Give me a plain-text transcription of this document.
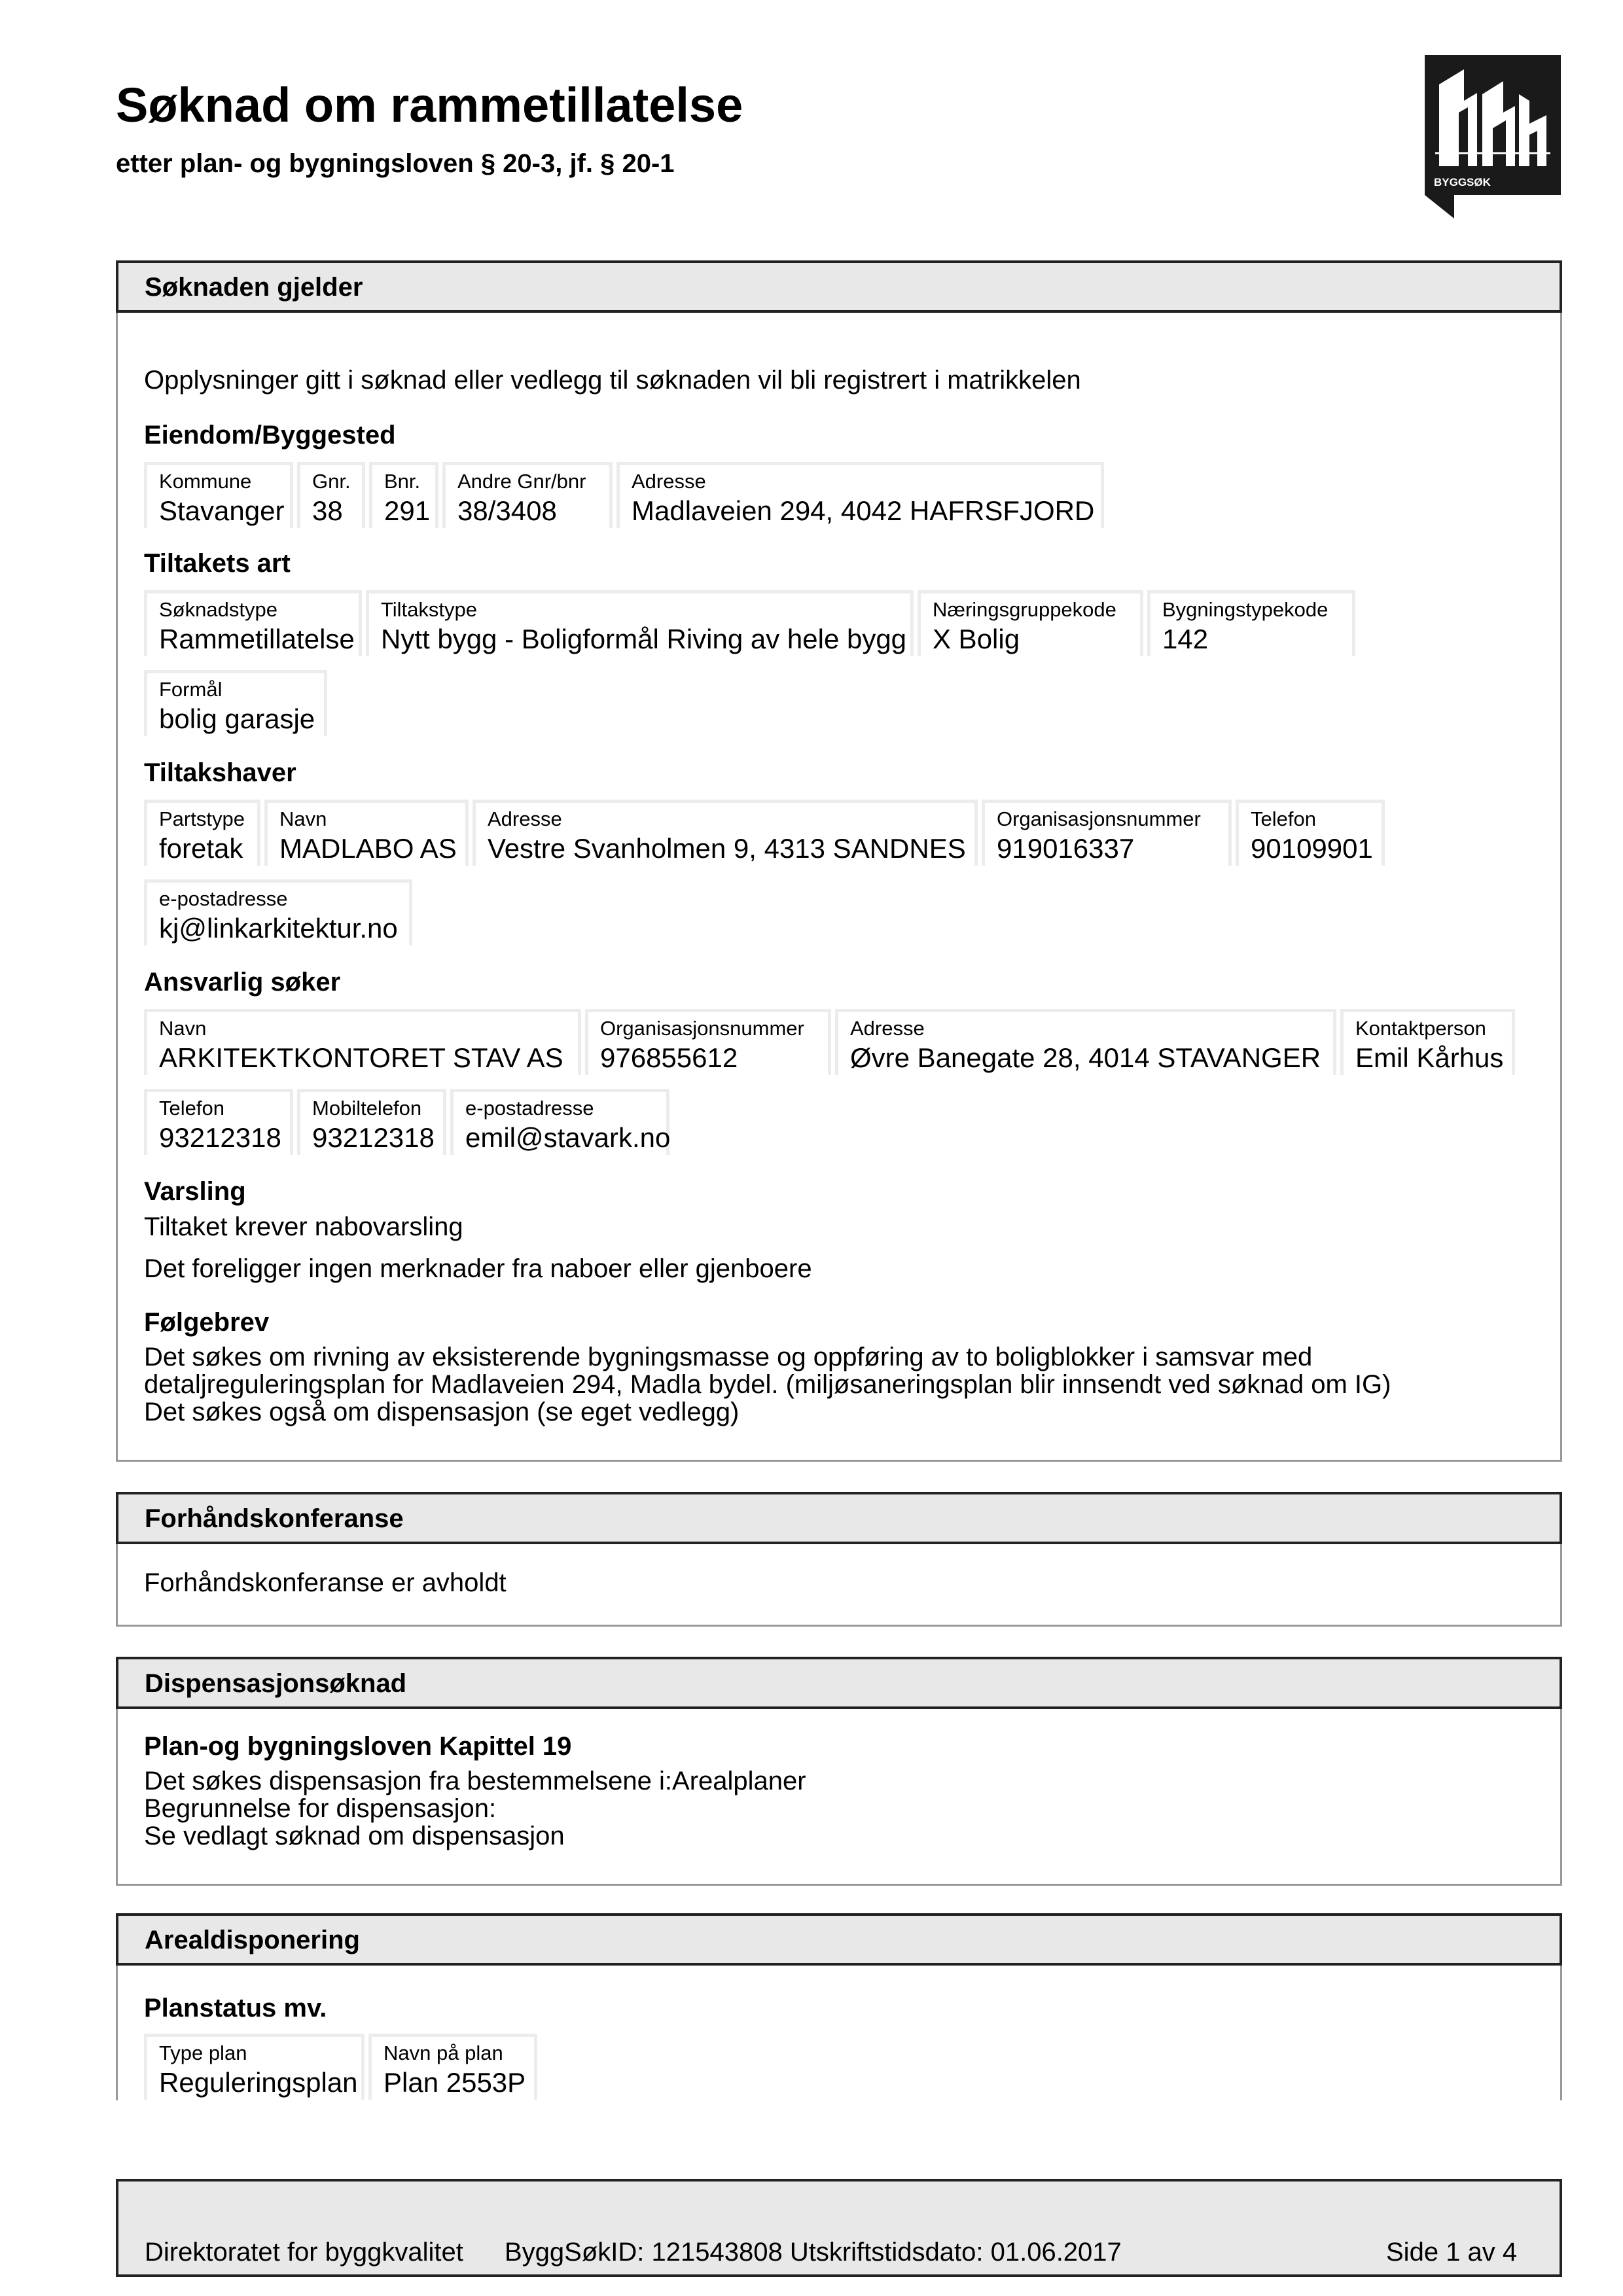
Søknad om rammetillatelse

etter plan- og bygningsloven § 20-3, jf. § 20-1

BYGGSØK
Søknaden gjelder
Opplysninger gitt i søknad eller vedlegg til søknaden vil bli registrert i matrikkelen
Eiendom/Byggested
Kommune
Stavanger
Gnr.
38
Bnr.
291
Andre Gnr/bnr
38/3408
Adresse
Madlaveien 294, 4042 HAFRSFJORD
Tiltakets art
Søknadstype
Rammetillatelse
Tiltakstype
Nytt bygg - Boligformål Riving av hele bygg
Næringsgruppekode
X Bolig
Bygningstypekode
142
Formål
bolig garasje
Tiltakshaver
Partstype
foretak
Navn
MADLABO AS
Adresse
Vestre Svanholmen 9, 4313 SANDNES
Organisasjonsnummer
919016337
Telefon
90109901
e-postadresse
kj@linkarkitektur.no
Ansvarlig søker
Navn
ARKITEKTKONTORET STAV AS
Organisasjonsnummer
976855612
Adresse
Øvre Banegate 28, 4014 STAVANGER
Kontaktperson
Emil Kårhus
Telefon
93212318
Mobiltelefon
93212318
e-postadresse
emil@stavark.no
Varsling
Tiltaket krever nabovarsling
Det foreligger ingen merknader fra naboer eller gjenboere
Følgebrev
Det søkes om rivning av eksisterende bygningsmasse og oppføring av to boligblokker i samsvar med
detaljreguleringsplan for Madlaveien 294, Madla bydel. (miljøsaneringsplan blir innsendt ved søknad om IG)
Det søkes også om dispensasjon (se eget vedlegg)
Forhåndskonferanse
Forhåndskonferanse er avholdt
Dispensasjonsøknad
Plan-og bygningsloven Kapittel 19
Det søkes dispensasjon fra bestemmelsene i:Arealplaner
Begrunnelse for dispensasjon:
Se vedlagt søknad om dispensasjon
Arealdisponering
Planstatus mv.
Type plan
Reguleringsplan
Navn på plan
Plan 2553P
Direktoratet for byggkvalitet ByggSøkID: 121543808 Utskriftstidsdato: 01.06.2017	Side 1 av 4
